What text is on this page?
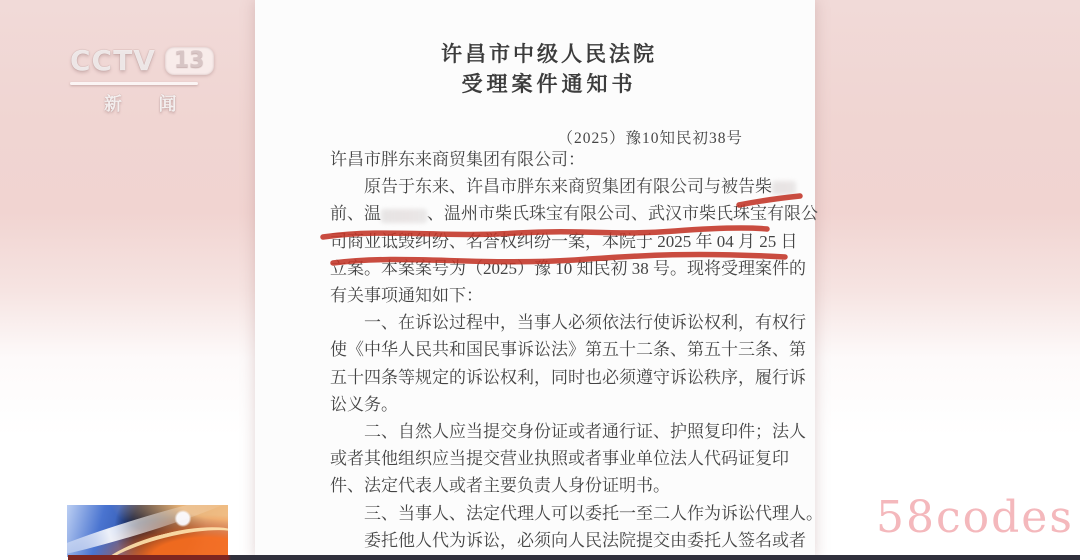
CCTV 13
新 闻
许昌市中级人民法院
受理案件通知书
（2025）豫10知民初38号
许昌市胖东来商贸集团有限公司：
原告于东来、许昌市胖东来商贸集团有限公司与被告柴
前、温	、温州市柴氏珠宝有限公司、武汉市柴氏珠宝有限公
司商业诋毁纠纷、名誉权纠纷一案，本院于 2025 年 04 月 25 日
立案。本案案号为（2025）豫 10 知民初 38 号。现将受理案件的
有关事项通知如下：
一、在诉讼过程中，当事人必须依法行使诉讼权利，有权行
使《中华人民共和国民事诉讼法》第五十二条、第五十三条、第
五十四条等规定的诉讼权利，同时也必须遵守诉讼秩序，履行诉
讼义务。
二、自然人应当提交身份证或者通行证、护照复印件；法人
或者其他组织应当提交营业执照或者事业单位法人代码证复印
件、法定代表人或者主要负责人身份证明书。
三、当事人、法定代理人可以委托一至二人作为诉讼代理人。
委托他人代为诉讼，必须向人民法院提交由委托人签名或者 58codes
